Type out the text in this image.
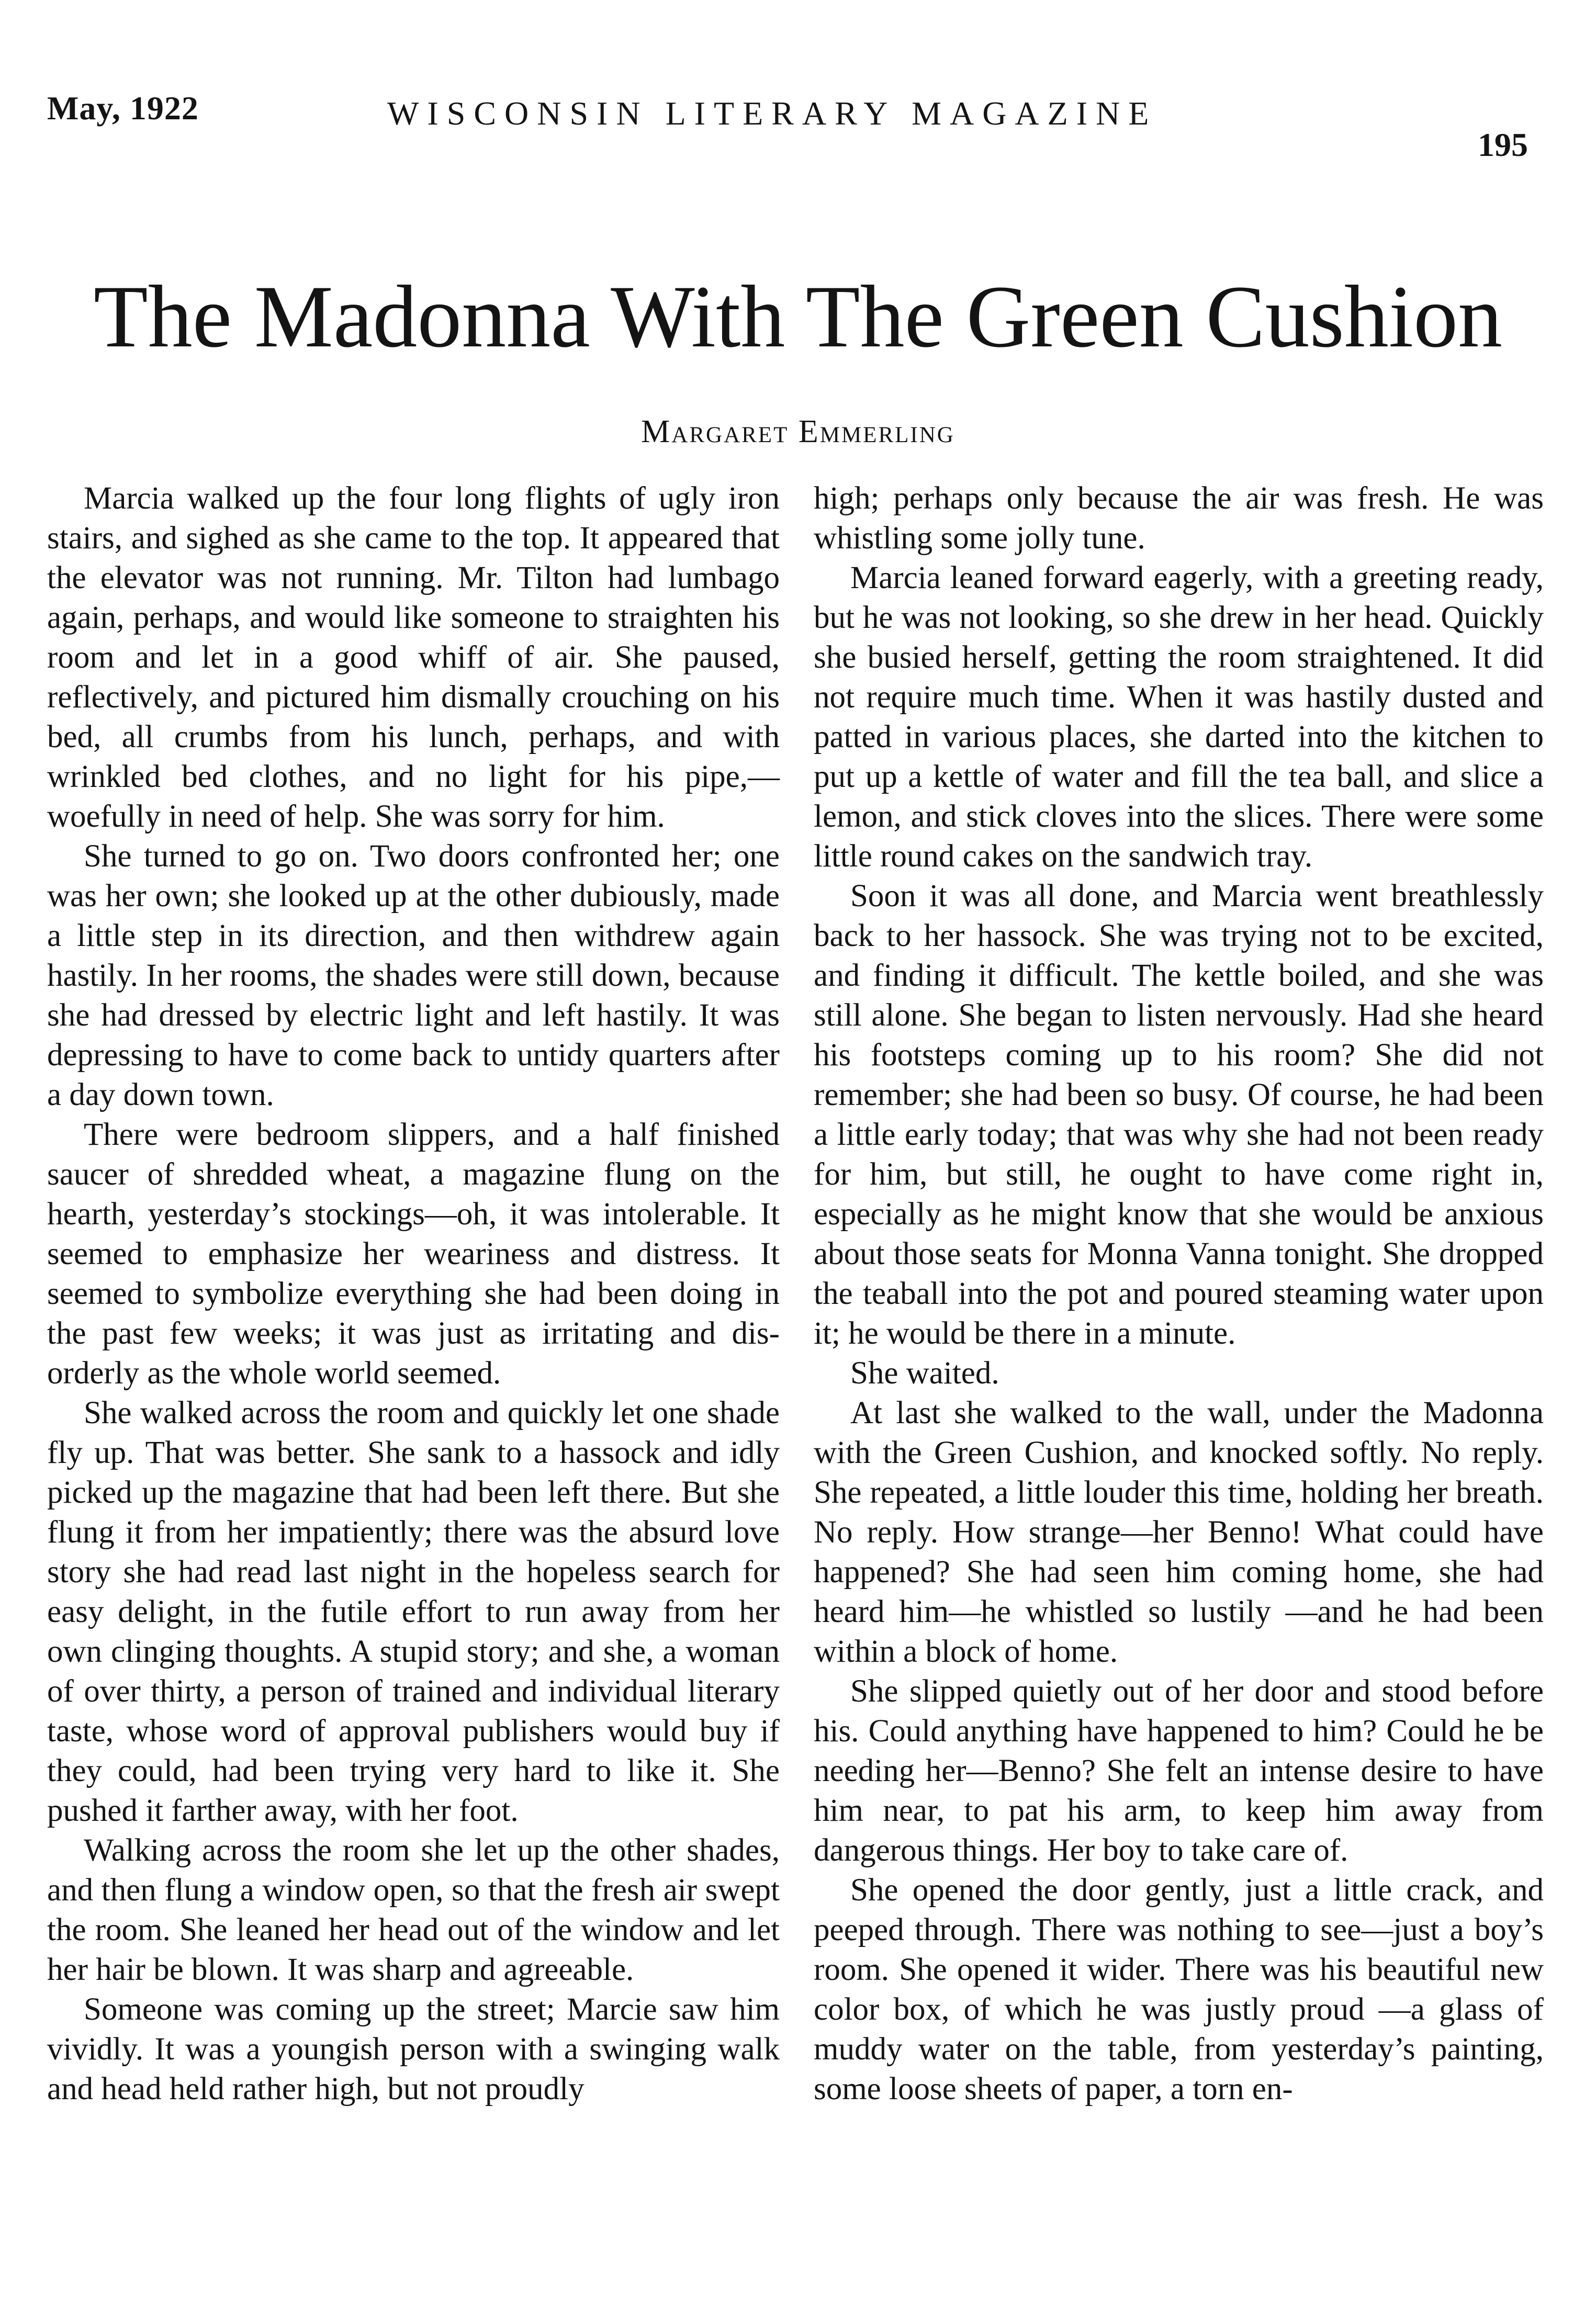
May, 1922	WISCONSIN LITERARY MAGAZINE
195
The Madonna With The Green Cushion
Margaret Emmerling

Marcia walked up the four long flights of ugly iron stairs, and sighed as she came to the top. It appeared that the elevator was not running. Mr. Tilton had lumbago again, perhaps, and would like someone to straighten his room and let in a good whiff of air. She paused, reflectively, and pictured him dismally crouching on his bed, all crumbs from his lunch, perhaps, and with wrinkled bed clothes, and no light for his pipe,—woefully in need of help. She was sorry for him.

She turned to go on. Two doors confronted her; one was her own; she looked up at the other dubiously, made a little step in its direction, and then withdrew again hastily. In her rooms, the shades were still down, because she had dressed by electric light and left hastily. It was depressing to have to come back to untidy quarters after a day down town.

There were bedroom slippers, and a half finished saucer of shredded wheat, a magazine flung on the hearth, yesterday’s stockings—oh, it was intolerable. It seemed to emphasize her weariness and distress. It seemed to symbolize everything she had been doing in the past few weeks; it was just as irritating and disorderly as the whole world seemed.

She walked across the room and quickly let one shade fly up. That was better. She sank to a hassock and idly picked up the magazine that had been left there. But she flung it from her impatiently; there was the absurd love story she had read last night in the hopeless search for easy delight, in the futile effort to run away from her own clinging thoughts. A stupid story; and she, a woman of over thirty, a person of trained and individual literary taste, whose word of approval publishers would buy if they could, had been trying very hard to like it. She pushed it farther away, with her foot.

Walking across the room she let up the other shades, and then flung a window open, so that the fresh air swept the room. She leaned her head out of the window and let her hair be blown. It was sharp and agreeable.

Someone was coming up the street; Marcie saw him vividly. It was a youngish person with a swinging walk and head held rather high, but not proudly

high; perhaps only because the air was fresh. He was whistling some jolly tune.

Marcia leaned forward eagerly, with a greeting ready, but he was not looking, so she drew in her head. Quickly she busied herself, getting the room straightened. It did not require much time. When it was hastily dusted and patted in various places, she darted into the kitchen to put up a kettle of water and fill the tea ball, and slice a lemon, and stick cloves into the slices. There were some little round cakes on the sandwich tray.

Soon it was all done, and Marcia went breathlessly back to her hassock. She was trying not to be excited, and finding it difficult. The kettle boiled, and she was still alone. She began to listen nervously. Had she heard his footsteps coming up to his room? She did not remember; she had been so busy. Of course, he had been a little early today; that was why she had not been ready for him, but still, he ought to have come right in, especially as he might know that she would be anxious about those seats for Monna Vanna tonight. She dropped the teaball into the pot and poured steaming water upon it; he would be there in a minute.

She waited.

At last she walked to the wall, under the Madonna with the Green Cushion, and knocked softly. No reply. She repeated, a little louder this time, holding her breath. No reply. How strange—her Benno! What could have happened? She had seen him coming home, she had heard him—he whistled so lustily —and he had been within a block of home.

She slipped quietly out of her door and stood before his. Could anything have happened to him? Could he be needing her—Benno? She felt an intense desire to have him near, to pat his arm, to keep him away from dangerous things. Her boy to take care of.

She opened the door gently, just a little crack, and peeped through. There was nothing to see—just a boy’s room. She opened it wider. There was his beautiful new color box, of which he was justly proud —a glass of muddy water on the table, from yesterday’s painting, some loose sheets of paper, a torn en‑
